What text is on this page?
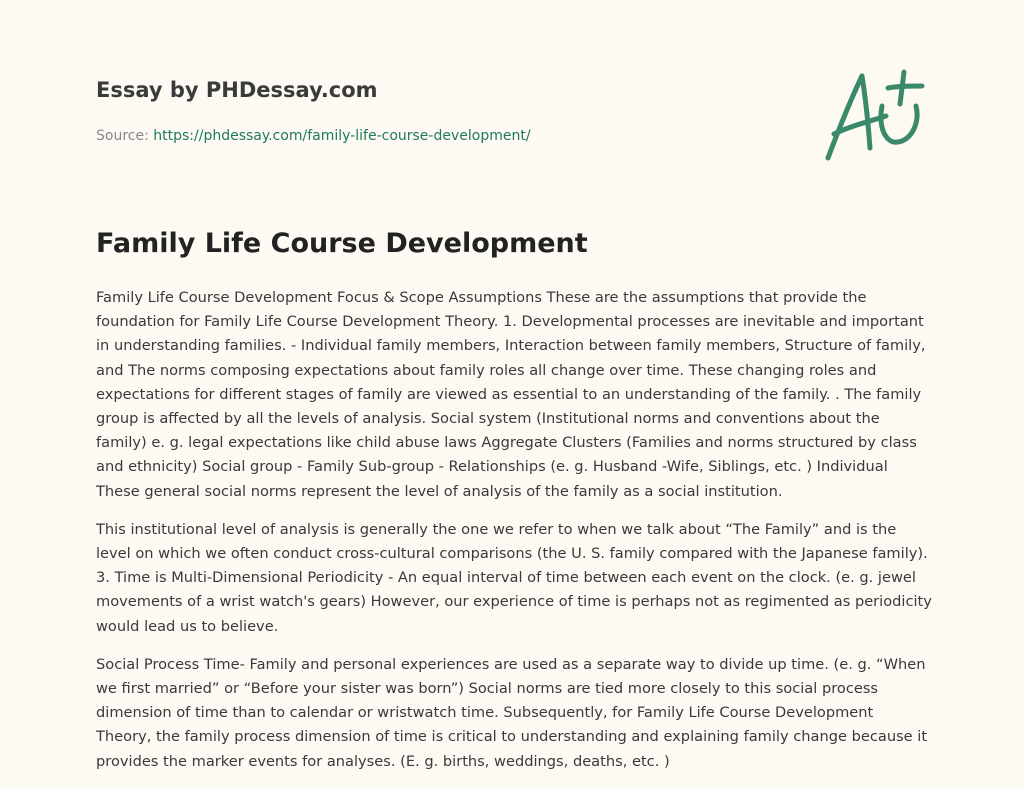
Essay by PHDessay.com
Source: https://phdessay.com/family-life-course-development/
Family Life Course Development

Family Life Course Development Focus & Scope Assumptions These are the assumptions that provide the foundation for Family Life Course Development Theory. 1. Developmental processes are inevitable and important in understanding families. - Individual family members, Interaction between family members, Structure of family, and The norms composing expectations about family roles all change over time. These changing roles and expectations for different stages of family are viewed as essential to an understanding of the family. . The family group is affected by all the levels of analysis. Social system (Institutional norms and conventions about the family) e. g. legal expectations like child abuse laws Aggregate Clusters (Families and norms structured by class and ethnicity) Social group - Family Sub-group - Relationships (e. g. Husband -Wife, Siblings, etc. ) Individual These general social norms represent the level of analysis of the family as a social institution.

This institutional level of analysis is generally the one we refer to when we talk about “The Family” and is the level on which we often conduct cross-cultural comparisons (the U. S. family compared with the Japanese family). 3. Time is Multi-Dimensional Periodicity - An equal interval of time between each event on the clock. (e. g. jewel movements of a wrist watch's gears) However, our experience of time is perhaps not as regimented as periodicity would lead us to believe.

Social Process Time- Family and personal experiences are used as a separate way to divide up time. (e. g. “When we first married” or “Before your sister was born”) Social norms are tied more closely to this social process dimension of time than to calendar or wristwatch time. Subsequently, for Family Life Course Development Theory, the family process dimension of time is critical to understanding and explaining family change because it provides the marker events for analyses. (E. g. births, weddings, deaths, etc. )
